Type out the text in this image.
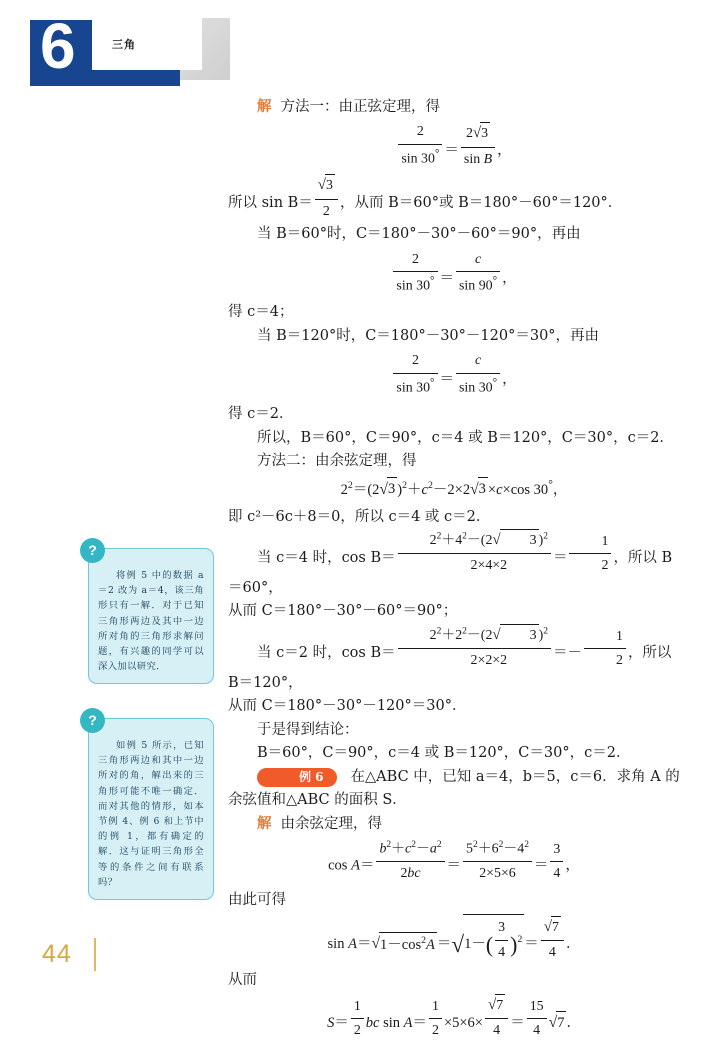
6	三角
?
将例 5 中的数据 a＝2 改为 a＝4，该三角形只有一解．对于已知三角形两边及其中一边所对角的三角形求解问题，有兴趣的同学可以深入加以研究．
?
如例 5 所示，已知三角形两边和其中一边所对的角，解出来的三角形可能不唯一确定．而对其他的情形，如本节例 4、例 6 和上节中的例 1，都有确定的解．这与证明三角形全等的条件之间有联系吗？

解 方法一：由正弦定理，得

$\frac{2}{\sin 30^\circ} = \frac{2√3}{\text{sin B}}$ ，

所以 $\sin B= \frac{√3}{2}$ ，从而 B＝60°或 B＝180°－60°＝120°．

当 B＝60°时，C＝180°－30°－60°＝90°，再由

$\frac{2}{\sin 30^\circ} = \frac{c}{\sin 90^\circ}$ ，

得 c＝4；

当 B＝120°时，C＝180°－30°－120°＝30°，再由

$\frac{2}{\sin 30^\circ} = \frac{c}{\sin 30^\circ}$ ，

得 c＝2．

所以，B＝60°，C＝90°，c＝4 或 B＝120°，C＝30°，c＝2．

方法二：由余弦定理，得

$2^2=(2√3$ )$^2+c^2-2\times 2√3 \times c\times\cos$ 30°，

即 c²－6c＋8＝0，所以 c＝4 或 c＝2．

当 c＝4 时，$\cos B= \frac{2^2+4^2-(2√ 3 )^2}{2\times 4\times 2} = \frac{1}{2}$ ，所以 B＝60°，

从而 C＝180°－30°－60°＝90°；

当 c＝2 时，$\cos B= \frac{2^2+2^2-(2√ 3 )^2}{2\times 2\times 2} =- \frac{1}{2}$ ，所以 B＝120°，

从而 C＝180°－30°－120°＝30°．

于是得到结论：

B＝60°，C＝90°，c＝4 或 B＝120°，C＝30°，c＝2．

例 6 在△ABC 中，已知 a＝4，b＝5，c＝6．求角 A 的

余弦值和△ABC 的面积 S．

解 由余弦定理，得

$\cos A= \frac{b^2+c^2-a^2}{2bc} = \frac{5^2+6^2-4^2}{2\times 5\times 6} = \frac{3}{4}$ ，

由此可得

$\sin A=√1-\cos^2A =√1-( \frac{3}{4} )^2 = \frac{√7}{4}$ ．

从而

$S= \frac{1}{2}$ bc $\sin A= \frac{1}{2} \times 5\times 6\times \frac{√7}{4} = \frac{15}{4} √7$ ．
44
